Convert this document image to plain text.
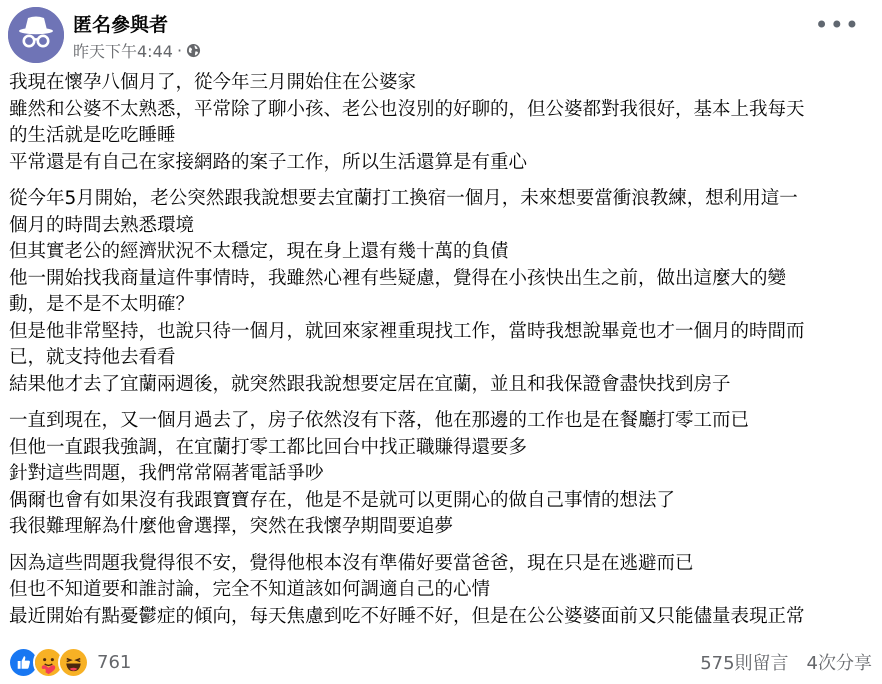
匿名參與者
昨天下午4:44 ·
•••
我現在懷孕八個月了，從今年三月開始住在公婆家
雖然和公婆不太熟悉，平常除了聊小孩、老公也沒別的好聊的，但公婆都對我很好，基本上我每天
的生活就是吃吃睡睡
平常還是有自己在家接網路的案子工作，所以生活還算是有重心
從今年5月開始，老公突然跟我說想要去宜蘭打工換宿一個月，未來想要當衝浪教練，想利用這一
個月的時間去熟悉環境
但其實老公的經濟狀況不太穩定，現在身上還有幾十萬的負債
他一開始找我商量這件事情時，我雖然心裡有些疑慮，覺得在小孩快出生之前，做出這麼大的變
動，是不是不太明確？
但是他非常堅持，也說只待一個月，就回來家裡重現找工作，當時我想說畢竟也才一個月的時間而
已，就支持他去看看
結果他才去了宜蘭兩週後，就突然跟我說想要定居在宜蘭，並且和我保證會盡快找到房子
一直到現在，又一個月過去了，房子依然沒有下落，他在那邊的工作也是在餐廳打零工而已
但他一直跟我強調，在宜蘭打零工都比回台中找正職賺得還要多
針對這些問題，我們常常隔著電話爭吵
偶爾也會有如果沒有我跟寶寶存在，他是不是就可以更開心的做自己事情的想法了
我很難理解為什麼他會選擇，突然在我懷孕期間要追夢
因為這些問題我覺得很不安，覺得他根本沒有準備好要當爸爸，現在只是在逃避而已
但也不知道要和誰討論，完全不知道該如何調適自己的心情
最近開始有點憂鬱症的傾向，每天焦慮到吃不好睡不好，但是在公公婆婆面前又只能儘量表現正常
761	575則留言 4次分享
